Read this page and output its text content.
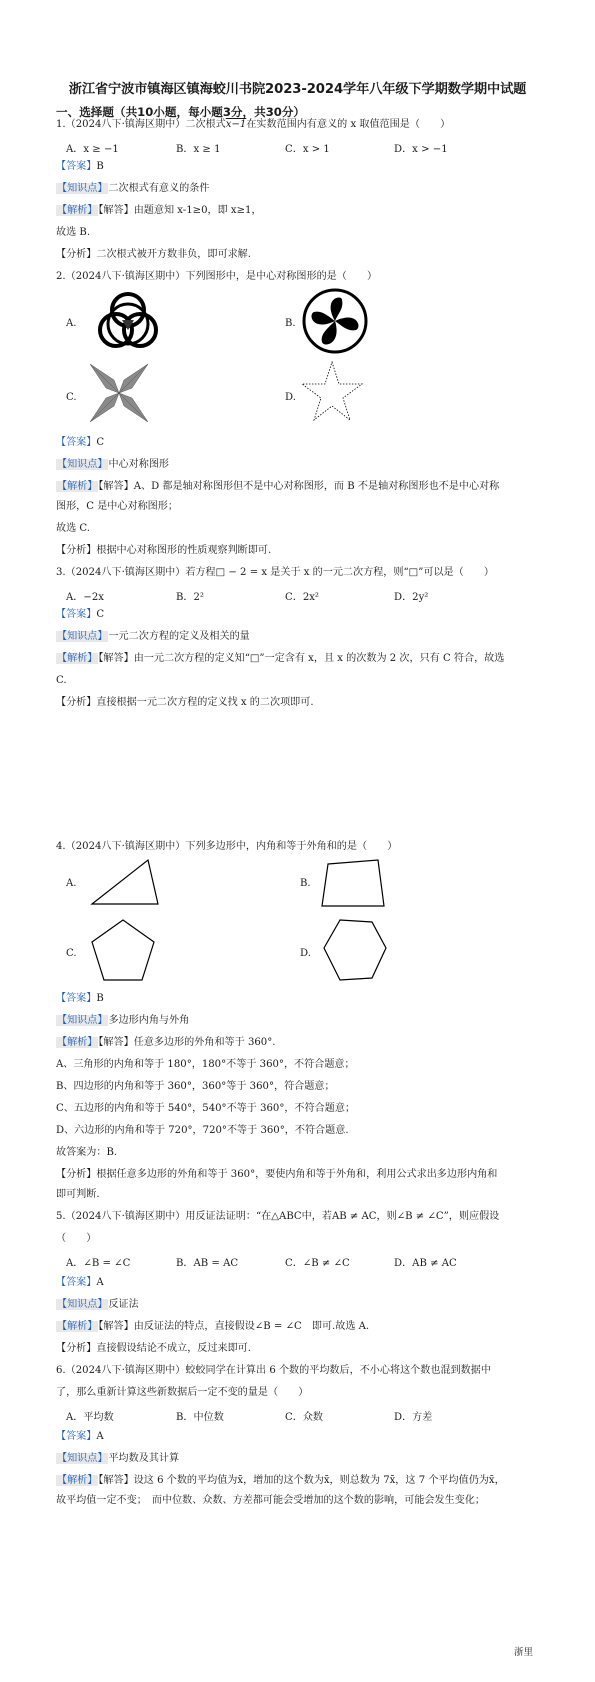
浙江省宁波市镇海区镇海蛟川书院2023-2024学年八年级下学期数学期中试题
一、选择题（共10小题，每小题3分，共30分）
1.（2024八下·镇海区期中）二次根式x−1在实数范围内有意义的 x 取值范围是（　　）
A．x ≥ −1	B．x ≥ 1	C．x > 1	D．x > −1
【答案】B
【知识点】二次根式有意义的条件
【解析】【解答】由题意知 x-1≥0，即 x≥1，
故选 B.
【分析】二次根式被开方数非负，即可求解.
2.（2024八下·镇海区期中）下列图形中，是中心对称图形的是（　　）
A.	B.
C.	D.
【答案】C
【知识点】中心对称图形
【解析】【解答】A、D 都是轴对称图形但不是中心对称图形，而 B 不是轴对称图形也不是中心对称
图形，C 是中心对称图形；
故选 C.
【分析】根据中心对称图形的性质观察判断即可.
3.（2024八下·镇海区期中）若方程□ − 2 = x 是关于 x 的一元二次方程，则“□”可以是（　　）
A．−2x	B．2²	C．2x²	D．2y²
【答案】C
【知识点】一元二次方程的定义及相关的量
【解析】【解答】由一元二次方程的定义知“□”一定含有 x，且 x 的次数为 2 次，只有 C 符合，故选
C.
【分析】直接根据一元二次方程的定义找 x 的二次项即可.
4.（2024八下·镇海区期中）下列多边形中，内角和等于外角和的是（　　）
A.	B.
C.	D.
【答案】B
【知识点】多边形内角与外角
【解析】【解答】任意多边形的外角和等于 360°.
A、三角形的内角和等于 180°，180°不等于 360°，不符合题意；
B、四边形的内角和等于 360°，360°等于 360°，符合题意；
C、五边形的内角和等于 540°，540°不等于 360°，不符合题意；
D、六边形的内角和等于 720°，720°不等于 360°，不符合题意.
故答案为：B.
【分析】根据任意多边形的外角和等于 360°，要使内角和等于外角和，利用公式求出多边形内角和
即可判断.
5.（2024八下·镇海区期中）用反证法证明：“在△ABC中，若AB ≠ AC，则∠B ≠ ∠C”，则应假设
（　　）
A．∠B = ∠C	B．AB = AC	C．∠B ≠ ∠C	D．AB ≠ AC
【答案】A
【知识点】反证法
【解析】【解答】由反证法的特点，直接假设∠B = ∠C　即可.故选 A.
【分析】直接假设结论不成立，反过来即可.
6.（2024八下·镇海区期中）蛟蛟同学在计算出 6 个数的平均数后，不小心将这个数也混到数据中
了，那么重新计算这些新数据后一定不变的量是（　　）
A．平均数	B．中位数	C．众数	D．方差
【答案】A
【知识点】平均数及其计算
【解析】【解答】设这 6 个数的平均值为x̄，增加的这个数为x̄，则总数为 7x̄，这 7 个平均值仍为x̄，
故平均值一定不变；　而中位数、众数、方差都可能会受增加的这个数的影响，可能会发生变化；
浙里
